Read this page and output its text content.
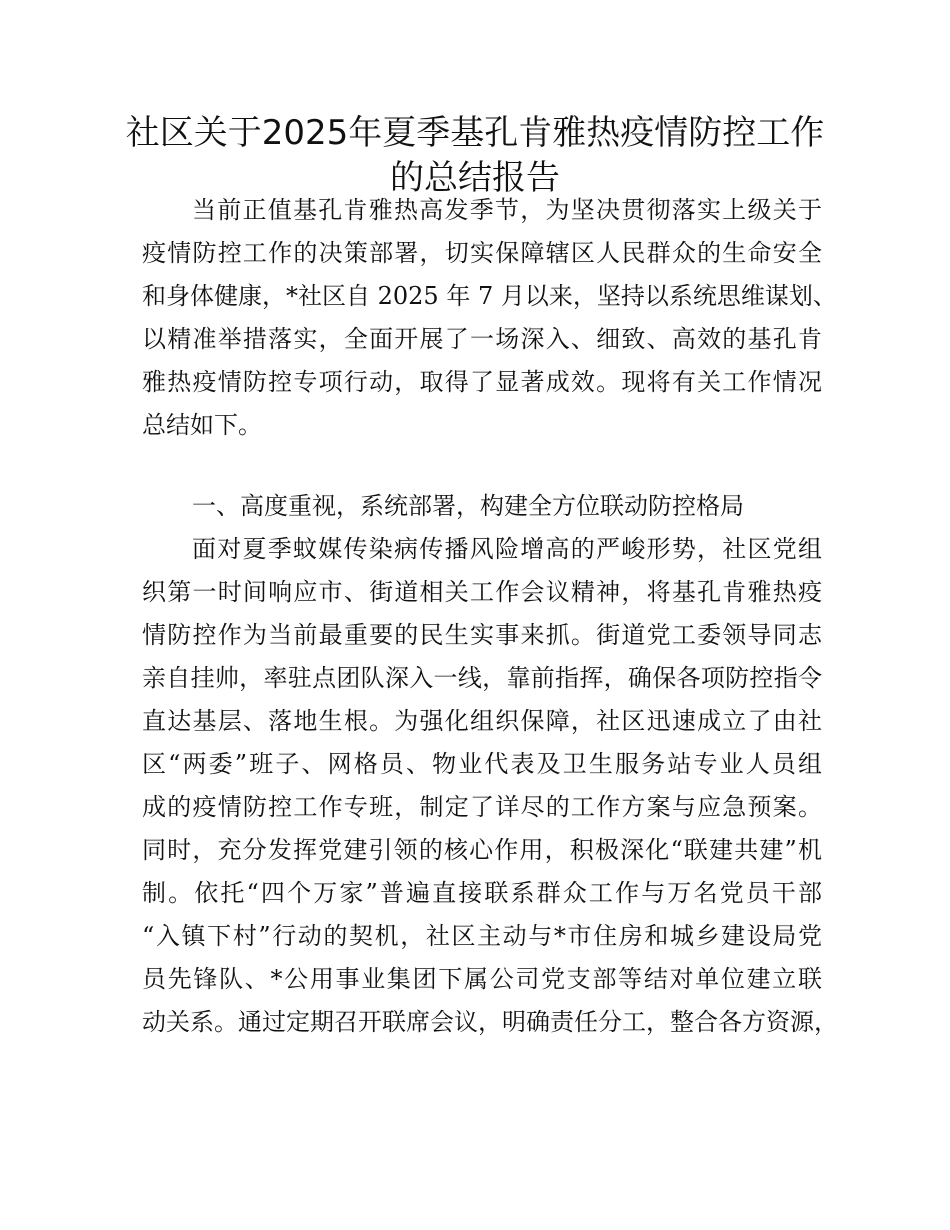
社区关于2025年夏季基孔肯雅热疫情防控工作
的总结报告
当前正值基孔肯雅热高发季节，为坚决贯彻落实上级关于
疫情防控工作的决策部署，切实保障辖区人民群众的生命安全
和身体健康，*社区自 2025 年 7 月以来，坚持以系统思维谋划、
以精准举措落实，全面开展了一场深入、细致、高效的基孔肯
雅热疫情防控专项行动，取得了显著成效。现将有关工作情况
总结如下。
一、高度重视，系统部署，构建全方位联动防控格局
面对夏季蚊媒传染病传播风险增高的严峻形势，社区党组
织第一时间响应市、街道相关工作会议精神，将基孔肯雅热疫
情防控作为当前最重要的民生实事来抓。街道党工委领导同志
亲自挂帅，率驻点团队深入一线，靠前指挥，确保各项防控指令
直达基层、落地生根。为强化组织保障，社区迅速成立了由社
区“两委”班子、网格员、物业代表及卫生服务站专业人员组
成的疫情防控工作专班，制定了详尽的工作方案与应急预案。
同时，充分发挥党建引领的核心作用，积极深化“联建共建”机
制。依托“四个万家”普遍直接联系群众工作与万名党员干部
“入镇下村”行动的契机，社区主动与*市住房和城乡建设局党
员先锋队、*公用事业集团下属公司党支部等结对单位建立联
动关系。通过定期召开联席会议，明确责任分工，整合各方资源，
